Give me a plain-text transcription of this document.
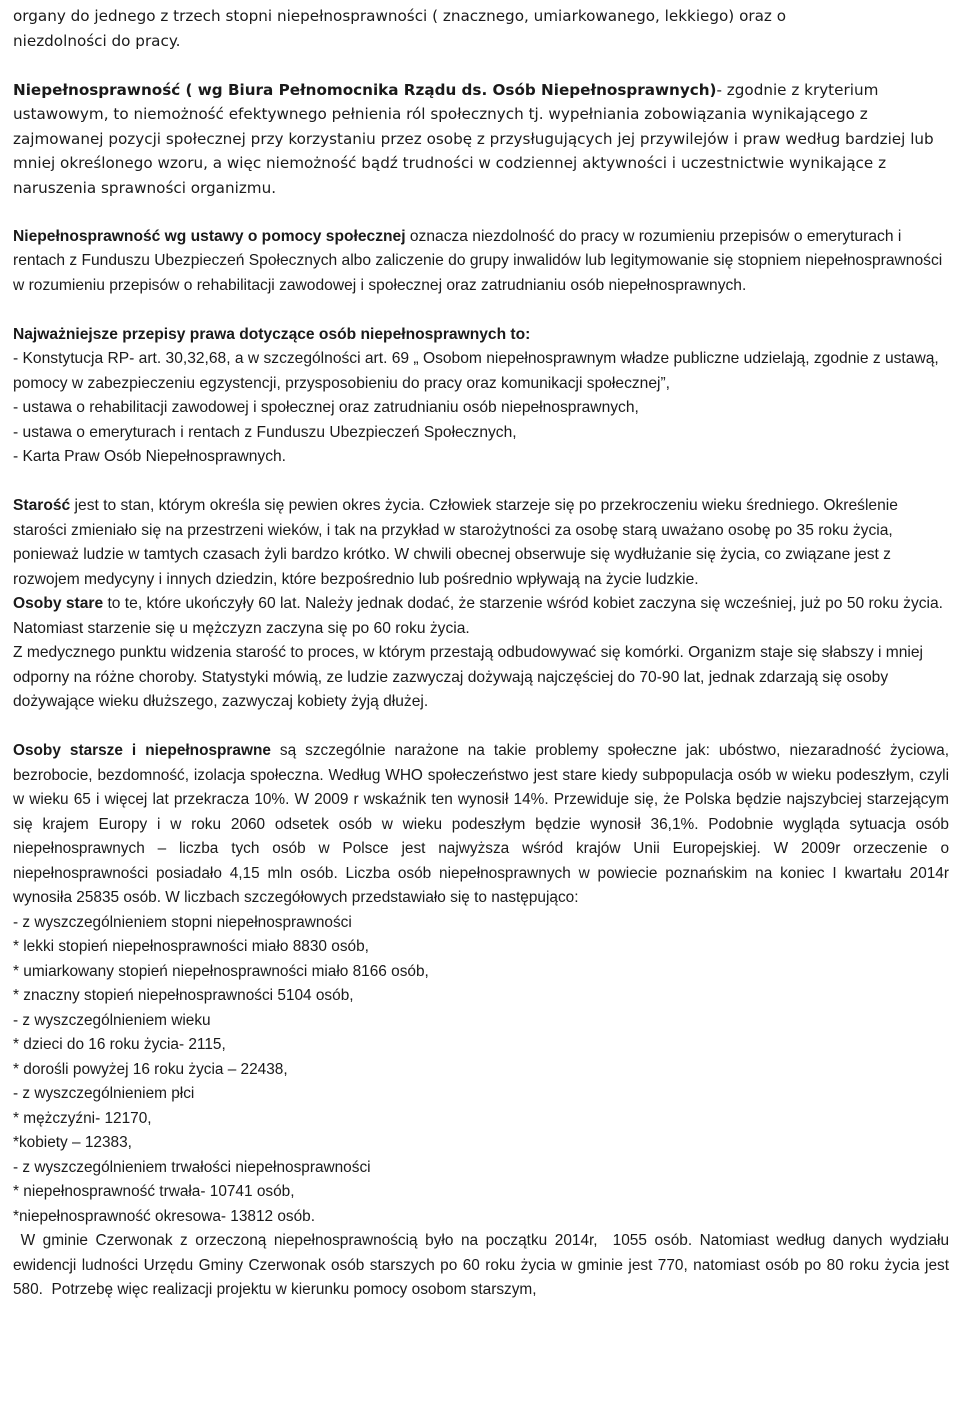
organy do jednego z trzech stopni niepełnosprawności ( znacznego, umiarkowanego, lekkiego) oraz o
niezdolności do pracy.

Niepełnosprawność ( wg Biura Pełnomocnika Rządu ds. Osób Niepełnosprawnych)- zgodnie z kryterium ustawowym, to niemożność efektywnego pełnienia ról społecznych tj. wypełniania zobowiązania wynikającego z zajmowanej pozycji społecznej przy korzystaniu przez osobę z przysługujących jej przywilejów i praw według bardziej lub mniej określonego wzoru, a więc niemożność bądź trudności w codziennej aktywności i uczestnictwie wynikające z naruszenia sprawności organizmu.

Niepełnosprawność wg ustawy o pomocy społecznej oznacza niezdolność do pracy w rozumieniu przepisów o emeryturach i rentach z Funduszu Ubezpieczeń Społecznych albo zaliczenie do grupy inwalidów lub legitymowanie się stopniem niepełnosprawności w rozumieniu przepisów o rehabilitacji zawodowej i społecznej oraz zatrudnianiu osób niepełnosprawnych.

Najważniejsze przepisy prawa dotyczące osób niepełnosprawnych to:
- Konstytucja RP- art. 30,32,68, a w szczególności art. 69 „ Osobom niepełnosprawnym władze publiczne udzielają, zgodnie z ustawą, pomocy w zabezpieczeniu egzystencji, przysposobieniu do pracy oraz komunikacji społecznej”,
- ustawa o rehabilitacji zawodowej i społecznej oraz zatrudnianiu osób niepełnosprawnych,
- ustawa o emeryturach i rentach z Funduszu Ubezpieczeń Społecznych,
- Karta Praw Osób Niepełnosprawnych.

Starość jest to stan, którym określa się pewien okres życia. Człowiek starzeje się po przekroczeniu wieku średniego. Określenie starości zmieniało się na przestrzeni wieków, i tak na przykład w starożytności za osobę starą uważano osobę po 35 roku życia, ponieważ ludzie w tamtych czasach żyli bardzo krótko. W chwili obecnej obserwuje się wydłużanie się życia, co związane jest z rozwojem medycyny i innych dziedzin, które bezpośrednio lub pośrednio wpływają na życie ludzkie.

Osoby stare to te, które ukończyły 60 lat. Należy jednak dodać, że starzenie wśród kobiet zaczyna się wcześniej, już po 50 roku życia. Natomiast starzenie się u mężczyzn zaczyna się po 60 roku życia.

Z medycznego punktu widzenia starość to proces, w którym przestają odbudowywać się komórki. Organizm staje się słabszy i mniej odporny na różne choroby. Statystyki mówią, ze ludzie zazwyczaj dożywają najczęściej do 70-90 lat, jednak zdarzają się osoby dożywające wieku dłuższego, zazwyczaj kobiety żyją dłużej.

Osoby starsze i niepełnosprawne są szczególnie narażone na takie problemy społeczne jak: ubóstwo, niezaradność życiowa, bezrobocie, bezdomność, izolacja społeczna. Według WHO społeczeństwo jest stare kiedy subpopulacja osób w wieku podeszłym, czyli w wieku 65 i więcej lat przekracza 10%. W 2009 r wskaźnik ten wynosił 14%. Przewiduje się, że Polska będzie najszybciej starzejącym się krajem Europy i w roku 2060 odsetek osób w wieku podeszłym będzie wynosił 36,1%. Podobnie wygląda sytuacja osób niepełnosprawnych – liczba tych osób w Polsce jest najwyższa wśród krajów Unii Europejskiej. W 2009r orzeczenie o niepełnosprawności posiadało 4,15 mln osób. Liczba osób niepełnosprawnych w powiecie poznańskim na koniec I kwartału 2014r wynosiła 25835 osób. W liczbach szczegółowych przedstawiało się to następująco:

- z wyszczególnieniem stopni niepełnosprawności
* lekki stopień niepełnosprawności miało 8830 osób,
* umiarkowany stopień niepełnosprawności miało 8166 osób,
* znaczny stopień niepełnosprawności 5104 osób,
- z wyszczególnieniem wieku
* dzieci do 16 roku życia- 2115,
* dorośli powyżej 16 roku życia – 22438,
- z wyszczególnieniem płci
* mężczyźni- 12170,
*kobiety – 12383,
- z wyszczególnieniem trwałości niepełnosprawności
* niepełnosprawność trwała- 10741 osób,
*niepełnosprawność okresowa- 13812 osób.

W gminie Czerwonak z orzeczoną niepełnosprawnością było na początku 2014r,  1055 osób. Natomiast według danych wydziału ewidencji ludności Urzędu Gminy Czerwonak osób starszych po 60 roku życia w gminie jest 770, natomiast osób po 80 roku życia jest 580.  Potrzebę więc realizacji projektu w kierunku pomocy osobom starszym,
